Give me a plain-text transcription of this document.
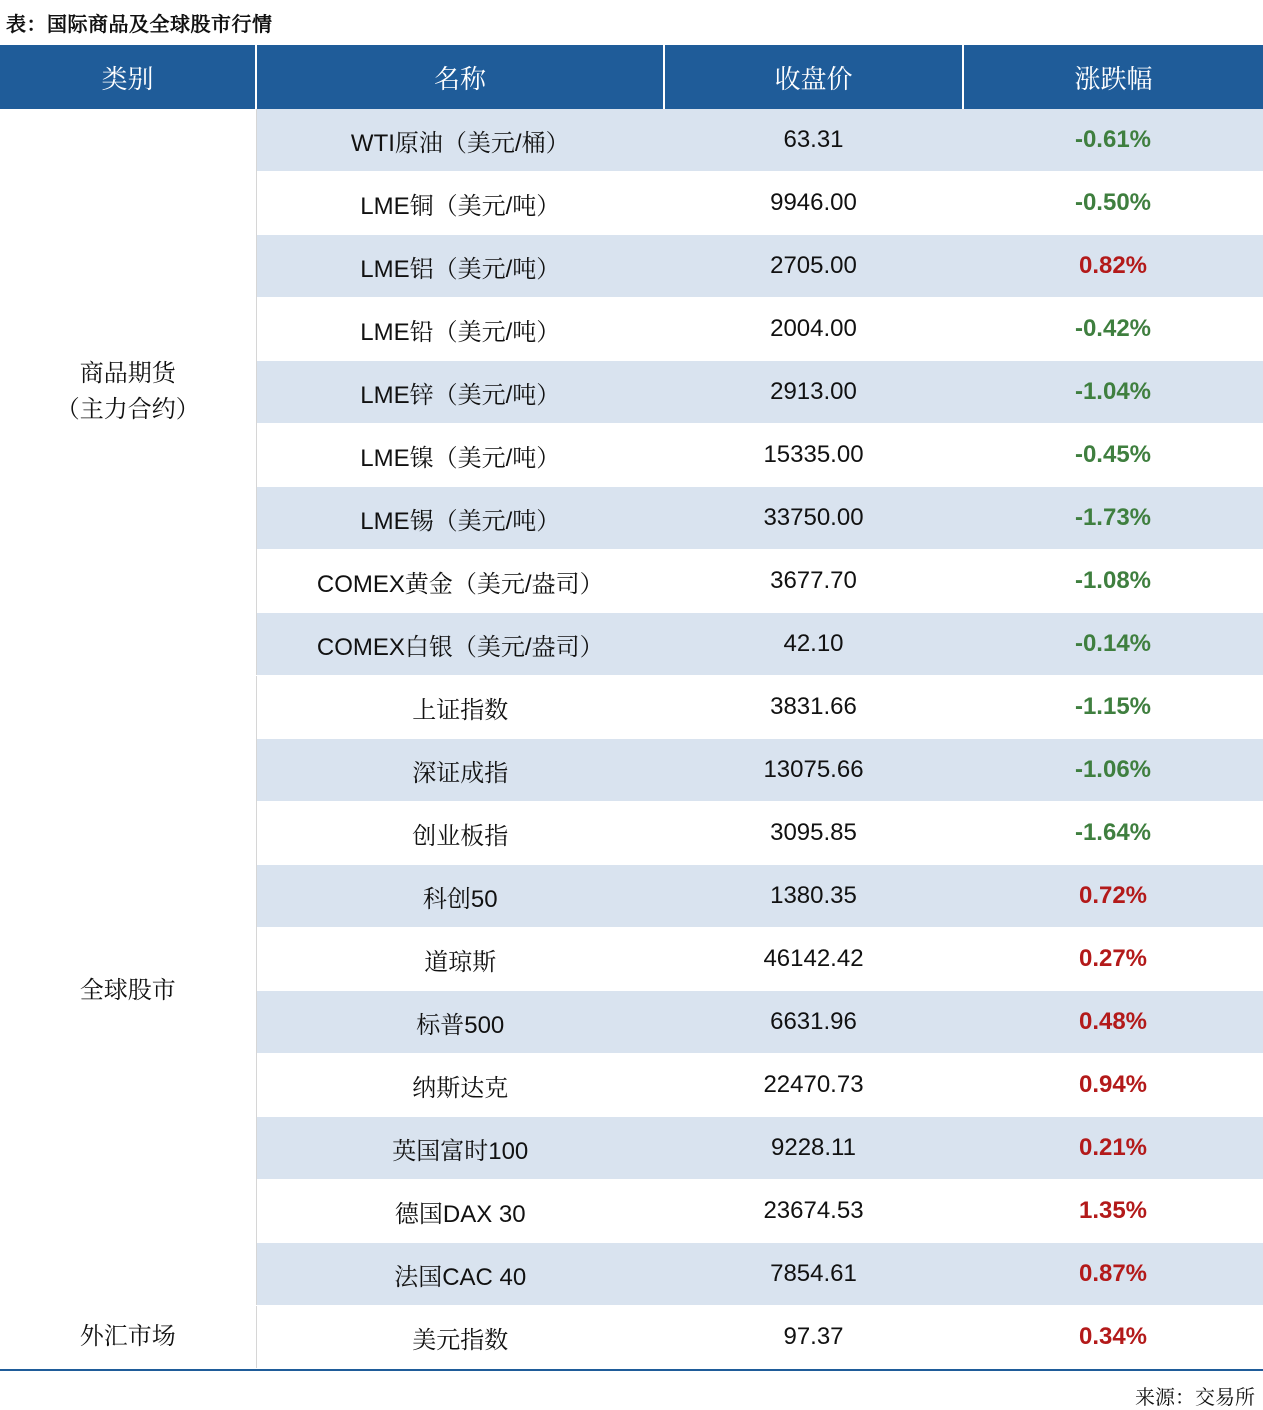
表：国际商品及全球股市行情
类别	名称	收盘价	涨跌幅

商品期货
（主力合约）	WTI原油（美元/桶）	63.31	-0.61%
	LME铜（美元/吨）	9946.00	-0.50%
	LME铝（美元/吨）	2705.00	0.82%
	LME铅（美元/吨）	2004.00	-0.42%
	LME锌（美元/吨）	2913.00	-1.04%
	LME镍（美元/吨）	15335.00	-0.45%
	LME锡（美元/吨）	33750.00	-1.73%
	COMEX黄金（美元/盎司）	3677.70	-1.08%
	COMEX白银（美元/盎司）	42.10	-0.14%
全球股市	上证指数	3831.66	-1.15%
	深证成指	13075.66	-1.06%
	创业板指	3095.85	-1.64%
	科创50	1380.35	0.72%
	道琼斯	46142.42	0.27%
	标普500	6631.96	0.48%
	纳斯达克	22470.73	0.94%
	英国富时100	9228.11	0.21%
	德国DAX 30	23674.53	1.35%
	法国CAC 40	7854.61	0.87%
外汇市场	美元指数	97.37	0.34%
来源：交易所
